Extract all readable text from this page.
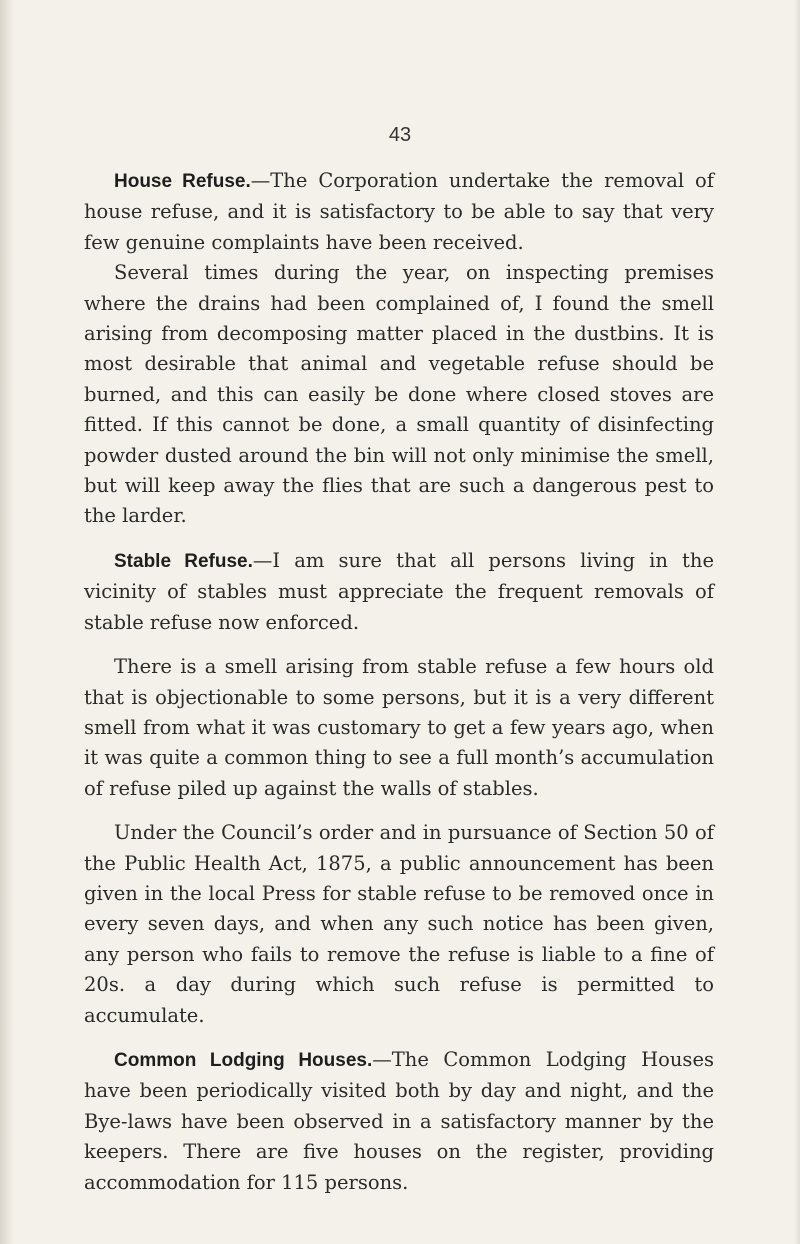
43

House Refuse.—The Corporation undertake the removal of house refuse, and it is satisfactory to be able to say that very few genuine complaints have been received.

Several times during the year, on inspecting premises where the drains had been complained of, I found the smell arising from decomposing matter placed in the dustbins. It is most desirable that animal and vegetable refuse should be burned, and this can easily be done where closed stoves are fitted. If this cannot be done, a small quantity of disinfecting powder dusted around the bin will not only minimise the smell, but will keep away the flies that are such a dangerous pest to the larder.

Stable Refuse.—I am sure that all persons living in the vicinity of stables must appreciate the frequent removals of stable refuse now enforced.

There is a smell arising from stable refuse a few hours old that is objectionable to some persons, but it is a very different smell from what it was customary to get a few years ago, when it was quite a common thing to see a full month’s accumulation of refuse piled up against the walls of stables.

Under the Council’s order and in pursuance of Section 50 of the Public Health Act, 1875, a public announcement has been given in the local Press for stable refuse to be removed once in every seven days, and when any such notice has been given, any person who fails to remove the refuse is liable to a fine of 20s. a day during which such refuse is permitted to accumulate.

Common Lodging Houses.—The Common Lodging Houses have been periodically visited both by day and night, and the Bye-laws have been observed in a satisfactory manner by the keepers. There are five houses on the register, providing accommodation for 115 persons.
